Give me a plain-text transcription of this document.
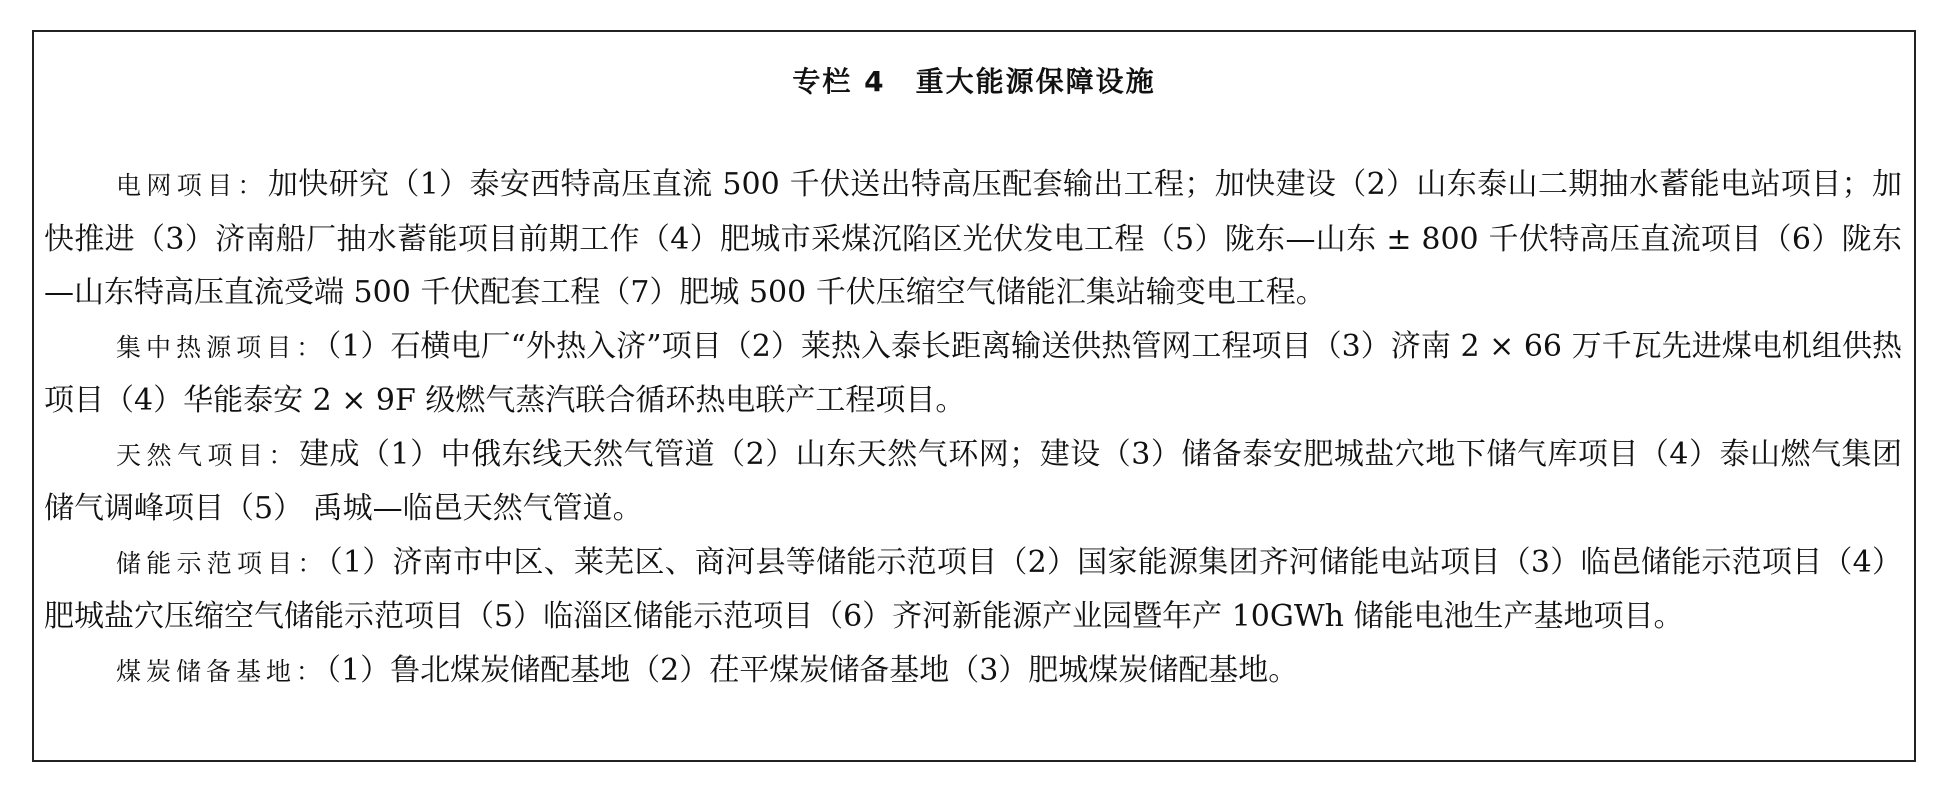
专栏 4　重大能源保障设施

电网项目：加快研究（1）泰安西特高压直流 500 千伏送出特高压配套输出工程；加快建设（2）山东泰山二期抽水蓄能电站项目；加快推进（3）济南船厂抽水蓄能项目前期工作（4）肥城市采煤沉陷区光伏发电工程（5）陇东—山东 ± 800 千伏特高压直流项目（6）陇东—山东特高压直流受端 500 千伏配套工程（7）肥城 500 千伏压缩空气储能汇集站输变电工程。

集中热源项目：（1）石横电厂“外热入济”项目（2）莱热入泰长距离输送供热管网工程项目（3）济南 2 × 66 万千瓦先进煤电机组供热项目（4）华能泰安 2 × 9F 级燃气蒸汽联合循环热电联产工程项目。

天然气项目：建成（1）中俄东线天然气管道（2）山东天然气环网；建设（3）储备泰安肥城盐穴地下储气库项目（4）泰山燃气集团储气调峰项目（5） 禹城—临邑天然气管道。

储能示范项目：（1）济南市中区、莱芜区、商河县等储能示范项目（2）国家能源集团齐河储能电站项目（3）临邑储能示范项目（4）肥城盐穴压缩空气储能示范项目（5）临淄区储能示范项目（6）齐河新能源产业园暨年产 10GWh 储能电池生产基地项目。

煤炭储备基地：（1）鲁北煤炭储配基地（2）茌平煤炭储备基地（3）肥城煤炭储配基地。
